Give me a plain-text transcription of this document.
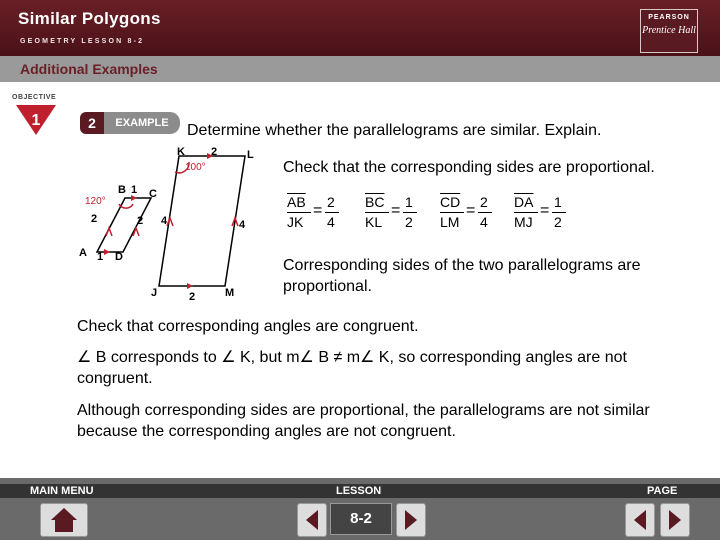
Similar Polygons
GEOMETRY LESSON 8-2
PEARSON
Prentice Hall
Additional Examples
OBJECTIVE
1	2	EXAMPLE	Determine whether the parallelograms are similar. Explain.
Check that the corresponding sides are proportional.
B C
A	D
1
2	2 4
1
K	L
J	M
2
2
4
120°
100°
$\overline{AB}$
JK
= 2
4
$\overline{BC}$
KL
= 1
2
$\overline{CD}$
LM
= 2
4
$\overline{DA}$
MJ
= 1
2
Corresponding sides of the two parallelograms are proportional.
Check that corresponding angles are congruent.
∠ B corresponds to ∠ K, but m∠ B ≠ m∠ K, so corresponding angles are not congruent.
Although corresponding sides are proportional, the parallelograms are not similar because the corresponding angles are not congruent.
MAIN MENU	LESSON	PAGE
8-2
